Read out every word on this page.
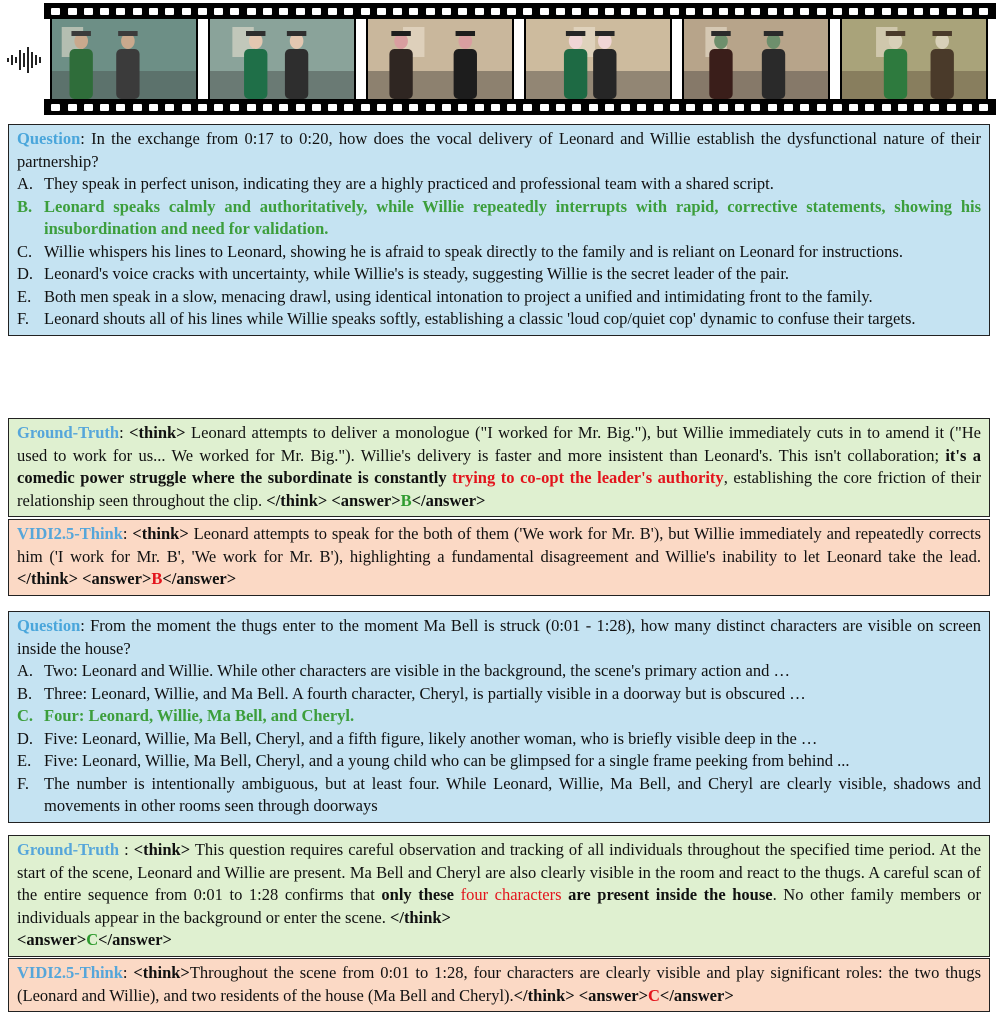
Question: In the exchange from 0:17 to 0:20, how does the vocal delivery of Leonard and Willie establish the dysfunctional nature of their partnership?
A. They speak in perfect unison, indicating they are a highly practiced and professional team with a shared script.
B. Leonard speaks calmly and authoritatively, while Willie repeatedly interrupts with rapid, corrective statements, showing his insubordination and need for validation.
C. Willie whispers his lines to Leonard, showing he is afraid to speak directly to the family and is reliant on Leonard for instructions.
D. Leonard's voice cracks with uncertainty, while Willie's is steady, suggesting Willie is the secret leader of the pair.
E. Both men speak in a slow, menacing drawl, using identical intonation to project a unified and intimidating front to the family.
F. Leonard shouts all of his lines while Willie speaks softly, establishing a classic 'loud cop/quiet cop' dynamic to confuse their targets.
Ground-Truth: <think> Leonard attempts to deliver a monologue ("I worked for Mr. Big."), but Willie immediately cuts in to amend it ("He used to work for us... We worked for Mr. Big."). Willie's delivery is faster and more insistent than Leonard's. This isn't collaboration; it's a comedic power struggle where the subordinate is constantly trying to co-opt the leader's authority, establishing the core friction of their relationship seen throughout the clip. </think> <answer>B</answer>
VIDI2.5-Think: <think> Leonard attempts to speak for the both of them ('We work for Mr. B'), but Willie immediately and repeatedly corrects him ('I work for Mr. B', 'We work for Mr. B'), highlighting a fundamental disagreement and Willie's inability to let Leonard take the lead.</think> <answer>B</answer>
Question: From the moment the thugs enter to the moment Ma Bell is struck (0:01 - 1:28), how many distinct characters are visible on screen inside the house?
A. Two: Leonard and Willie. While other characters are visible in the background, the scene's primary action and …
B. Three: Leonard, Willie, and Ma Bell. A fourth character, Cheryl, is partially visible in a doorway but is obscured …
C. Four: Leonard, Willie, Ma Bell, and Cheryl.
D. Five: Leonard, Willie, Ma Bell, Cheryl, and a fifth figure, likely another woman, who is briefly visible deep in the …
E. Five: Leonard, Willie, Ma Bell, Cheryl, and a young child who can be glimpsed for a single frame peeking from behind ...
F. The number is intentionally ambiguous, but at least four. While Leonard, Willie, Ma Bell, and Cheryl are clearly visible, shadows and movements in other rooms seen through doorways
Ground-Truth : <think> This question requires careful observation and tracking of all individuals throughout the specified time period. At the start of the scene, Leonard and Willie are present. Ma Bell and Cheryl are also clearly visible in the room and react to the thugs. A careful scan of the entire sequence from 0:01 to 1:28 confirms that only these four characters are present inside the house. No other family members or individuals appear in the background or enter the scene. </think>
<answer>C</answer>
VIDI2.5-Think: <think>Throughout the scene from 0:01 to 1:28, four characters are clearly visible and play significant roles: the two thugs (Leonard and Willie), and two residents of the house (Ma Bell and Cheryl).</think> <answer>C</answer>
